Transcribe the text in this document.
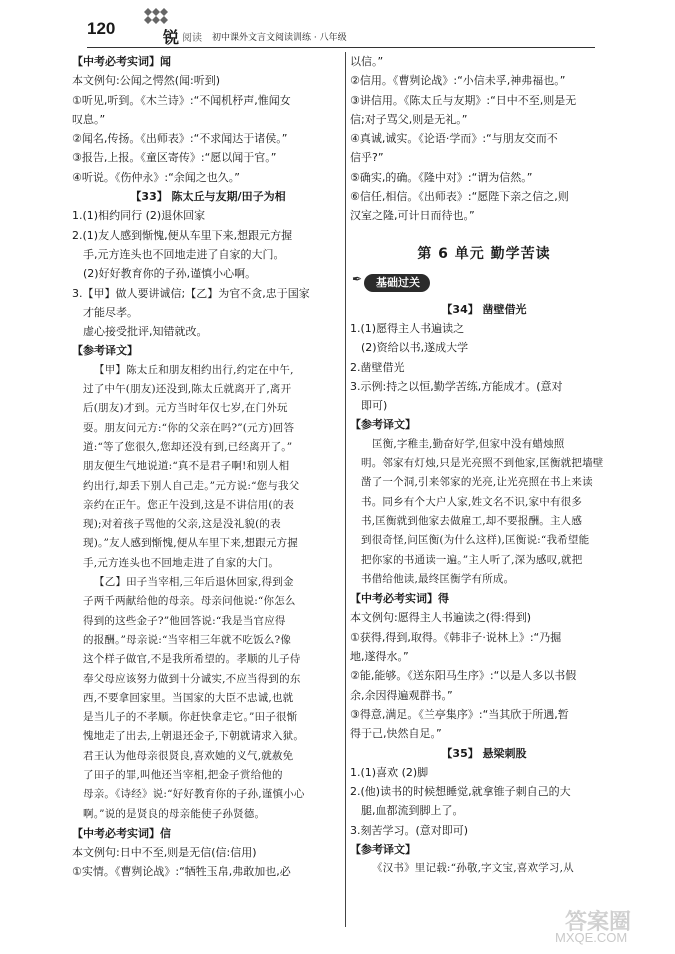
120	锐 阅读 初中课外文言文阅读训练 · 八年级
【中考必考实词】闻
本文例句:公闻之愕然(闻:听到)
①听见,听到。《木兰诗》:“不闻机杼声,惟闻女
叹息。”
②闻名,传扬。《出师表》:“不求闻达于诸侯。”
③报告,上报。《童区寄传》:“愿以闻于官。”
④听说。《伤仲永》:“余闻之也久。”
【33】 陈太丘与友期/田子为相
1.(1)相约同行 (2)退休回家
2.(1)友人感到惭愧,便从车里下来,想跟元方握
手,元方连头也不回地走进了自家的大门。
(2)好好教育你的子孙,谨慎小心啊。
3.【甲】做人要讲诚信;【乙】为官不贪,忠于国家
才能尽孝。
虚心接受批评,知错就改。
【参考译文】
【甲】陈太丘和朋友相约出行,约定在中午,
过了中午(朋友)还没到,陈太丘就离开了,离开
后(朋友)才到。元方当时年仅七岁,在门外玩
耍。朋友问元方:“你的父亲在吗?”(元方)回答
道:“等了您很久,您却还没有到,已经离开了。”
朋友便生气地说道:“真不是君子啊!和别人相
约出行,却丢下别人自己走。”元方说:“您与我父
亲约在正午。您正午没到,这是不讲信用(的表
现);对着孩子骂他的父亲,这是没礼貌(的表
现)。”友人感到惭愧,便从车里下来,想跟元方握
手,元方连头也不回地走进了自家的大门。
【乙】田子当宰相,三年后退休回家,得到金
子两千两献给他的母亲。母亲问他说:“你怎么
得到的这些金子?”他回答说:“我是当官应得
的报酬。”母亲说:“当宰相三年就不吃饭么?像
这个样子做官,不是我所希望的。孝顺的儿子侍
奉父母应该努力做到十分诚实,不应当得到的东
西,不要拿回家里。当国家的大臣不忠诚,也就
是当儿子的不孝顺。你赶快拿走它。”田子很惭
愧地走了出去,上朝退还金子,下朝就请求入狱。
君王认为他母亲很贤良,喜欢她的义气,就赦免
了田子的罪,叫他还当宰相,把金子赏给他的
母亲。《诗经》说:“好好教育你的子孙,谨慎小心
啊。”说的是贤良的母亲能使子孙贤德。
【中考必考实词】信
本文例句:日中不至,则是无信(信:信用)
①实情。《曹刿论战》:“牺牲玉帛,弗敢加也,必
以信。”
②信用。《曹刿论战》:“小信未孚,神弗福也。”
③讲信用。《陈太丘与友期》:“日中不至,则是无
信;对子骂父,则是无礼。”
④真诚,诚实。《论语·学而》:“与朋友交而不
信乎?”
⑤确实,的确。《隆中对》:“谓为信然。”
⑥信任,相信。《出师表》:“愿陛下亲之信之,则
汉室之隆,可计日而待也。”
第 6 单元 勤学苦读
✒	基础过关
【34】 凿壁借光
1.(1)愿得主人书遍读之
(2)资给以书,遂成大学
2.凿壁借光
3.示例:持之以恒,勤学苦练,方能成才。(意对
即可)
【参考译文】
匡衡,字稚圭,勤奋好学,但家中没有蜡烛照
明。邻家有灯烛,只是光亮照不到他家,匡衡就把墙壁
凿了一个洞,引来邻家的光亮,让光亮照在书上来读
书。同乡有个大户人家,姓文名不识,家中有很多
书,匡衡就到他家去做雇工,却不要报酬。主人感
到很奇怪,问匡衡(为什么这样),匡衡说:“我希望能
把你家的书通读一遍。”主人听了,深为感叹,就把
书借给他读,最终匡衡学有所成。
【中考必考实词】得
本文例句:愿得主人书遍读之(得:得到)
①获得,得到,取得。《韩非子·说林上》:“乃掘
地,遂得水。”
②能,能够。《送东阳马生序》:“以是人多以书假
余,余因得遍观群书。”
③得意,满足。《兰亭集序》:“当其欣于所遇,暂
得于己,快然自足。”
【35】 悬梁刺股
1.(1)喜欢 (2)脚
2.(他)读书的时候想睡觉,就拿锥子刺自己的大
腿,血都流到脚上了。
3.刻苦学习。(意对即可)
【参考译文】
《汉书》里记载:“孙敬,字文宝,喜欢学习,从
答案圈
MXQE.COM
